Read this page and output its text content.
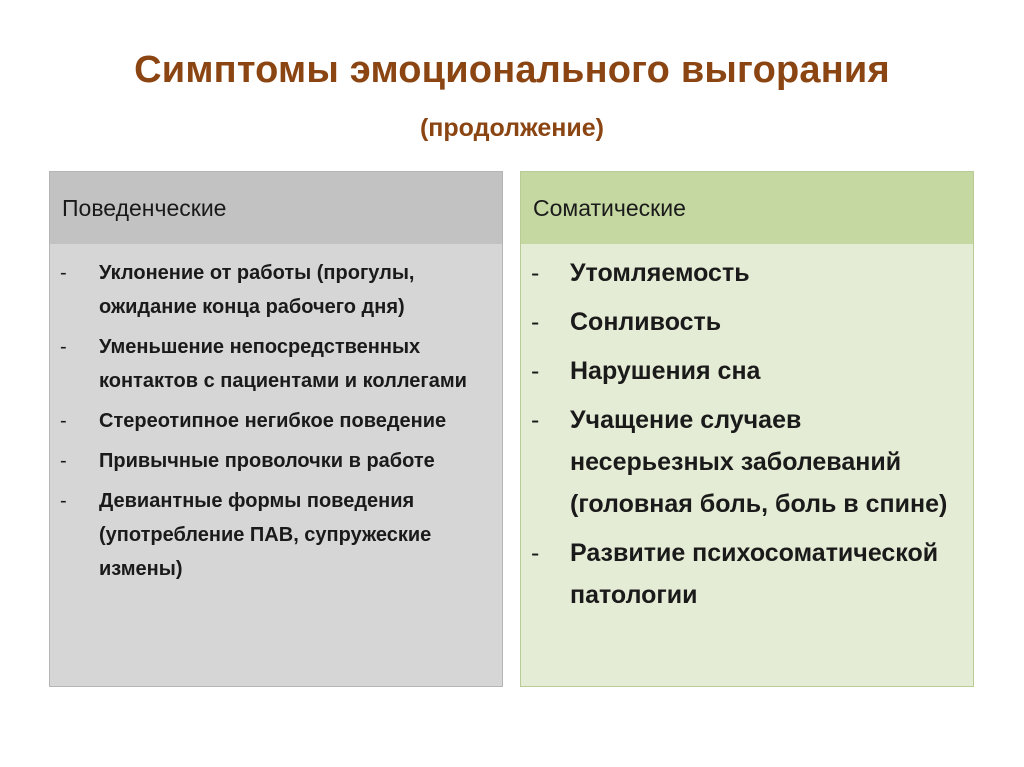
Симптомы эмоционального выгорания
(продолжение)
Поведенческие
- Уклонение от работы (прогулы, ожидание конца рабочего дня)
- Уменьшение непосредственных контактов с пациентами и коллегами
- Стереотипное негибкое поведение
- Привычные проволочки в работе
- Девиантные формы поведения (употребление ПАВ, супружеские измены)
Соматические
- Утомляемость
- Сонливость
- Нарушения сна
- Учащение случаев несерьезных заболеваний (головная боль, боль в спине)
- Развитие психосоматической патологии
